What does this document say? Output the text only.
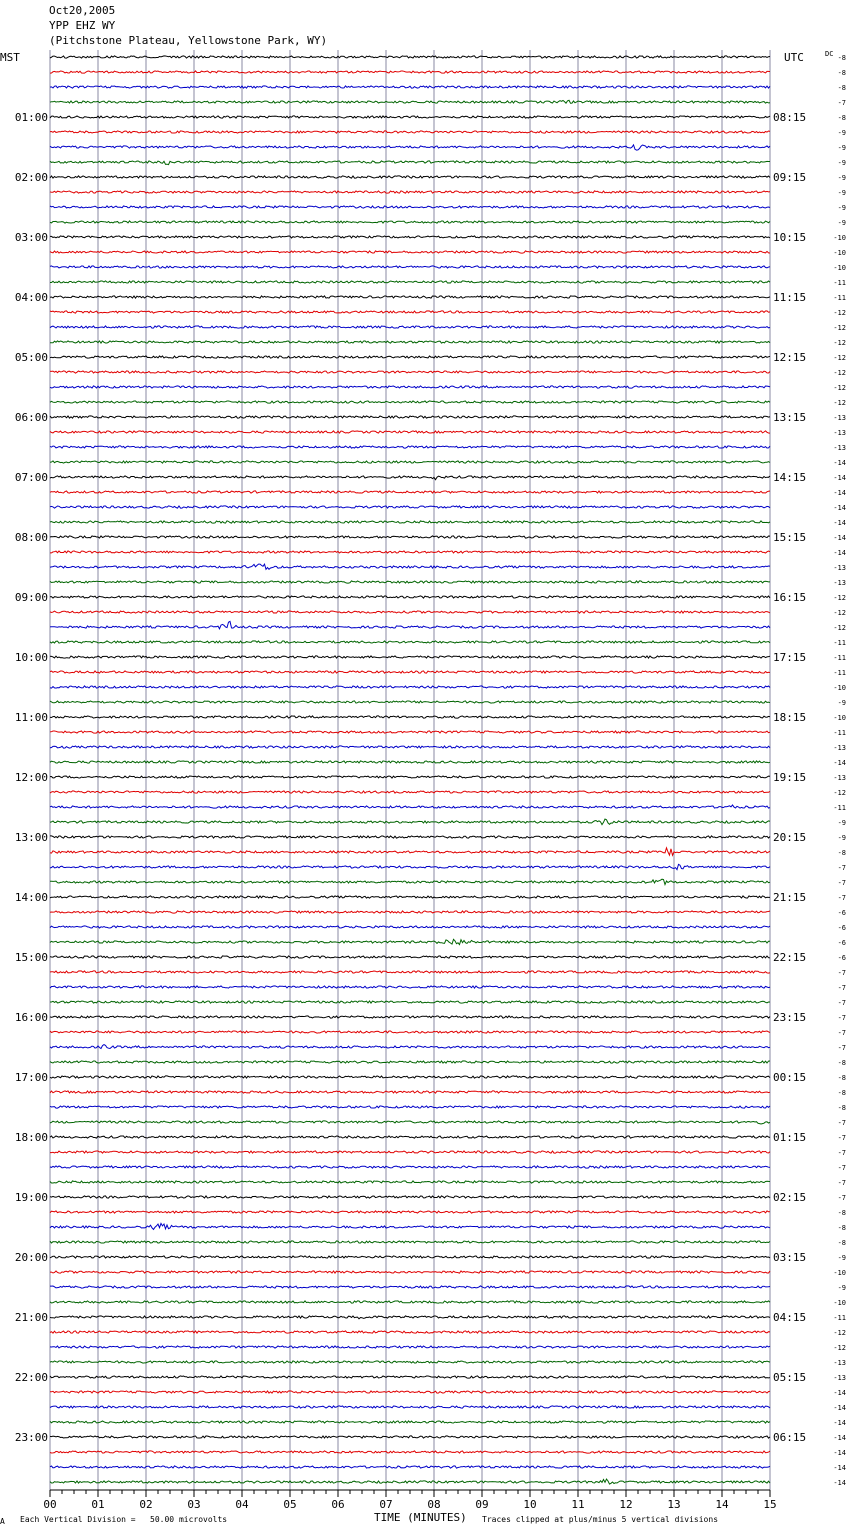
Oct20,2005
YPP EHZ WY
(Pitchstone Plateau, Yellowstone Park, WY)
-8
-8
-8
-7
-8
-9
-9
-9
-9
-9
-9
-9
-10
-10
-10
-11
-11
-12
-12
-12
-12
-12
-12
-12
-13
-13
-13
-14
-14
-14
-14
-14
-14
-14
-13
-13
-12
-12
-12
-11
-11
-11
-10
-9
-10
-11
-13
-14
-13
-12
-11
-9
-9
-8
-7
-7
-7
-6
-6
-6
-6
-7
-7
-7
-7
-7
-7
-8
-8
-8
-8
-7
-7
-7
-7
-7
-7
-8
-8
-8
-9
-10
-9
-10
-11
-12
-12
-13
-13
-14
-14
-14
-14
-14
-14
-14
01:00
02:00
03:00
04:00
05:00
06:00
07:00
08:00
09:00
10:00
11:00
12:00
13:00
14:00
15:00
16:00
17:00
18:00
19:00
20:00
21:00
22:00
23:00
08:15
09:15
10:15
11:15
12:15
13:15
14:15
15:15
16:15
17:15
18:15
19:15
20:15
21:15
22:15
23:15
00:15
01:15
02:15
03:15
04:15
05:15
06:15
MST	UTC	DC
00	01	02	03	04	05	06	07	08	09	10	11	12	13	14	15
A Each Vertical Division =   50.00 microvolts	TIME (MINUTES) Traces clipped at plus/minus 5 vertical divisions
